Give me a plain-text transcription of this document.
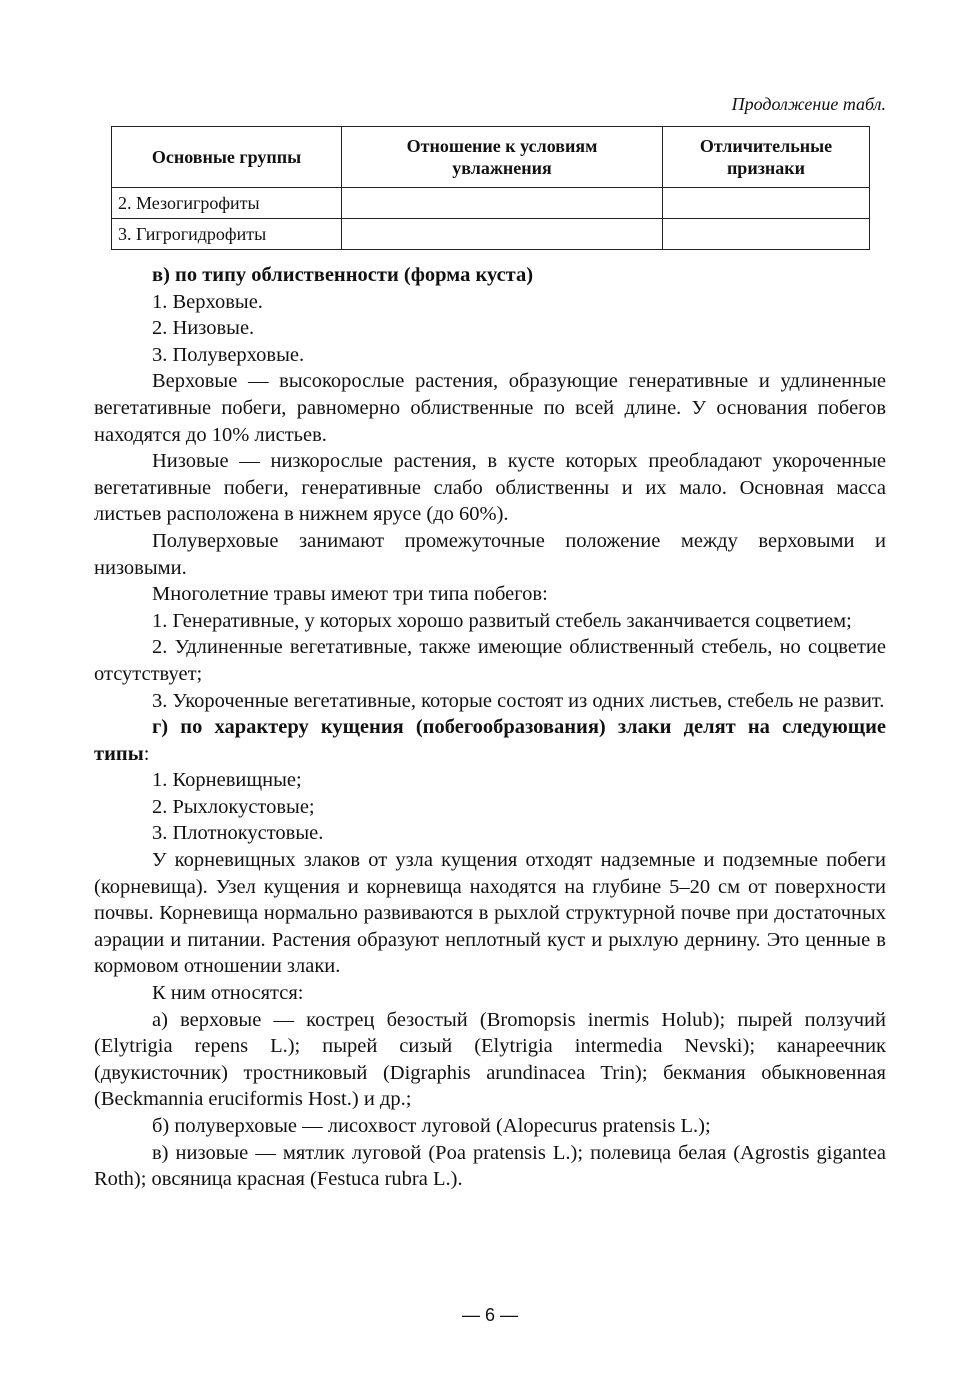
Продолжение табл.
Основные группы	Отношение к условиям увлажнения	Отличительные признаки

2. Мезогигрофиты		
3. Гигрогидрофиты		

в) по типу облиственности (форма куста)

1. Верховые.

2. Низовые.

3. Полуверховые.

Верховые — высокорослые растения, образующие генеративные и удлиненные вегетативные побеги, равномерно облиственные по всей длине. У основания побегов находятся до 10% листьев.

Низовые — низкорослые растения, в кусте которых преобладают укороченные вегетативные побеги, генеративные слабо облиственны и их мало. Основная масса листьев расположена в нижнем ярусе (до 60%).

Полуверховые занимают промежуточные положение между верховыми и низовыми.

Многолетние травы имеют три типа побегов:

1. Генеративные, у которых хорошо развитый стебель заканчивается соцветием;

2. Удлиненные вегетативные, также имеющие облиственный стебель, но соцветие отсутствует;

3. Укороченные вегетативные, которые состоят из одних листьев, стебель не развит.

г) по характеру кущения (побегообразования) злаки делят на следующие типы:

1. Корневищные;

2. Рыхлокустовые;

3. Плотнокустовые.

У корневищных злаков от узла кущения отходят надземные и подземные побеги (корневища). Узел кущения и корневища находятся на глубине 5–20 см от поверхности почвы. Корневища нормально развиваются в рыхлой структурной почве при достаточных аэрации и питании. Растения образуют неплотный куст и рыхлую дернину. Это ценные в кормовом отношении злаки.

К ним относятся:

а) верховые — кострец безостый (Bromopsis inermis Holub); пырей ползучий (Elytrigia repens L.); пырей сизый (Elytrigia intermedia Nevski); канареечник (двукисточник) тростниковый (Digraphis arundinacea Trin); бекмания обыкновенная (Beckmannia eruciformis Host.) и др.;

б) полуверховые — лисохвост луговой (Alopecurus pratensis L.);

в) низовые — мятлик луговой (Poa pratensis L.); полевица белая (Agrostis gigantea Roth); овсяница красная (Festuca rubra L.).

— 6 —
